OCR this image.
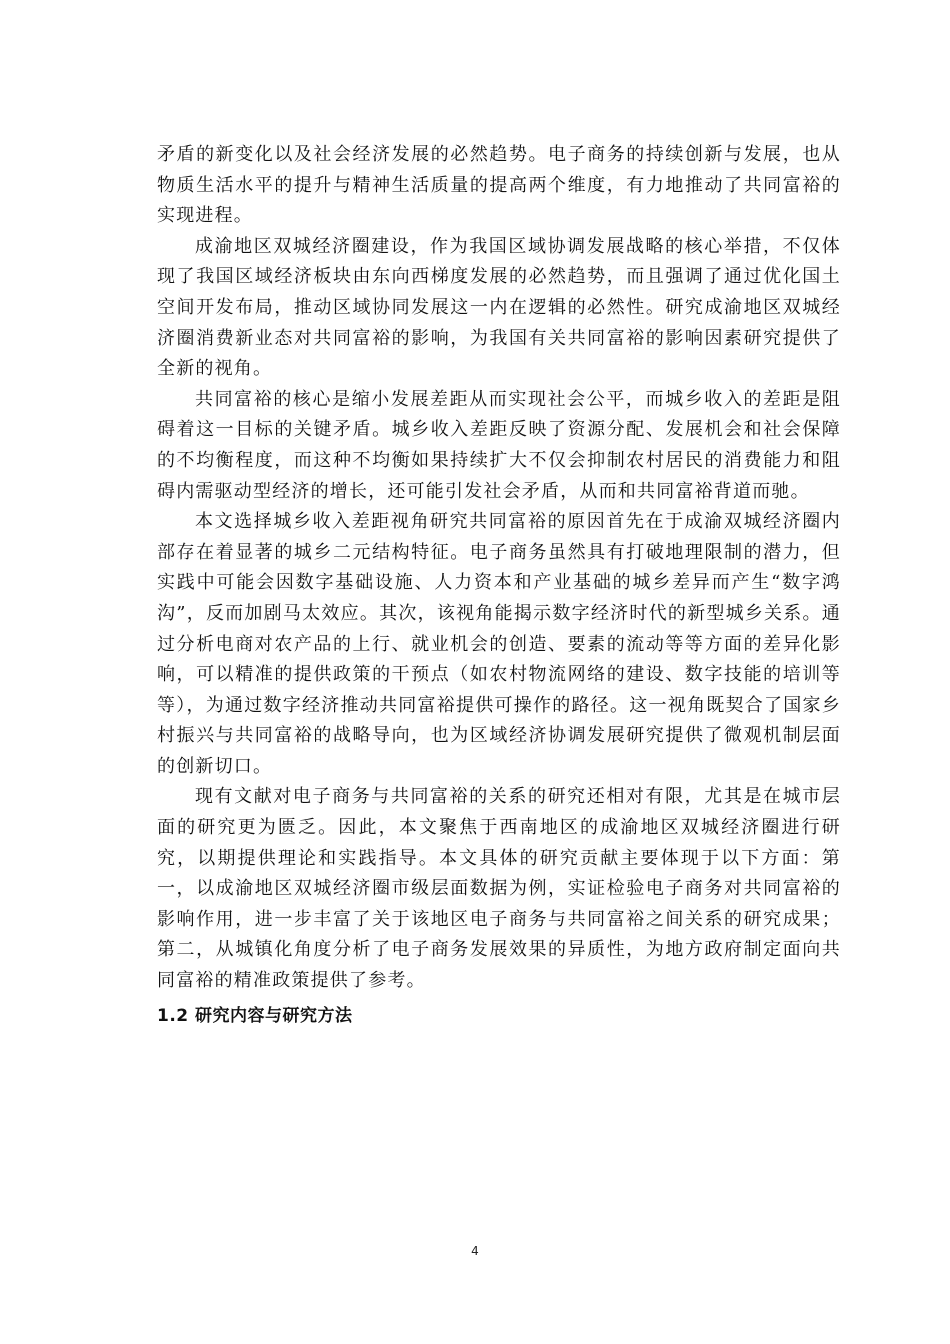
矛盾的新变化以及社会经济发展的必然趋势。电子商务的持续创新与发展，也从物质生活水平的提升与精神生活质量的提高两个维度，有力地推动了共同富裕的实现进程。

成渝地区双城经济圈建设，作为我国区域协调发展战略的核心举措，不仅体现了我国区域经济板块由东向西梯度发展的必然趋势，而且强调了通过优化国土空间开发布局，推动区域协同发展这一内在逻辑的必然性。研究成渝地区双城经济圈消费新业态对共同富裕的影响，为我国有关共同富裕的影响因素研究提供了全新的视角。

共同富裕的核心是缩小发展差距从而实现社会公平，而城乡收入的差距是阻碍着这一目标的关键矛盾。城乡收入差距反映了资源分配、发展机会和社会保障的不均衡程度，而这种不均衡如果持续扩大不仅会抑制农村居民的消费能力和阻碍内需驱动型经济的增长，还可能引发社会矛盾，从而和共同富裕背道而驰。

本文选择城乡收入差距视角研究共同富裕的原因首先在于成渝双城经济圈内部存在着显著的城乡二元结构特征。电子商务虽然具有打破地理限制的潜力，但实践中可能会因数字基础设施、人力资本和产业基础的城乡差异而产生“数字鸿沟”，反而加剧马太效应。其次，该视角能揭示数字经济时代的新型城乡关系。通过分析电商对农产品的上行、就业机会的创造、要素的流动等等方面的差异化影响，可以精准的提供政策的干预点（如农村物流网络的建设、数字技能的培训等等），为通过数字经济推动共同富裕提供可操作的路径。这一视角既契合了国家乡村振兴与共同富裕的战略导向，也为区域经济协调发展研究提供了微观机制层面的创新切口。

现有文献对电子商务与共同富裕的关系的研究还相对有限，尤其是在城市层面的研究更为匮乏。因此，本文聚焦于西南地区的成渝地区双城经济圈进行研究，以期提供理论和实践指导。本文具体的研究贡献主要体现于以下方面：第一，以成渝地区双城经济圈市级层面数据为例，实证检验电子商务对共同富裕的影响作用，进一步丰富了关于该地区电子商务与共同富裕之间关系的研究成果；第二，从城镇化角度分析了电子商务发展效果的异质性，为地方政府制定面向共同富裕的精准政策提供了参考。

1.2 研究内容与研究方法

4
